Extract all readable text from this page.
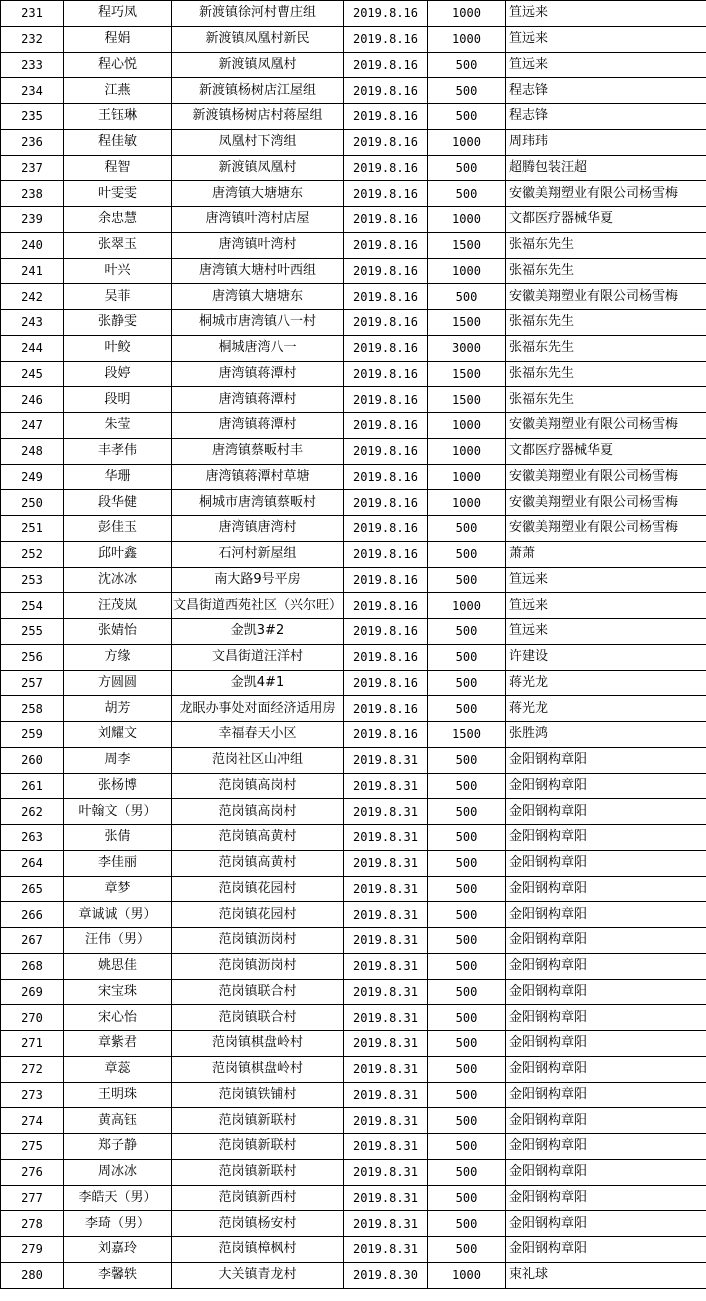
231	程巧凤	新渡镇徐河村曹庄组	2019.8.16	1000	笪远来
232	程娟	新渡镇凤凰村新民	2019.8.16	1000	笪远来
233	程心悦	新渡镇凤凰村	2019.8.16	500	笪远来
234	江燕	新渡镇杨树店江屋组	2019.8.16	500	程志锋
235	王钰琳	新渡镇杨树店村蒋屋组	2019.8.16	500	程志锋
236	程佳敏	凤凰村下湾组	2019.8.16	1000	周玮玮
237	程智	新渡镇凤凰村	2019.8.16	500	超腾包装汪超
238	叶雯雯	唐湾镇大塘塘东	2019.8.16	500	安徽美翔塑业有限公司杨雪梅
239	余忠慧	唐湾镇叶湾村店屋	2019.8.16	1000	文都医疗器械华夏
240	张翠玉	唐湾镇叶湾村	2019.8.16	1500	张福东先生
241	叶兴	唐湾镇大塘村叶西组	2019.8.16	1000	张福东先生
242	吴菲	唐湾镇大塘塘东	2019.8.16	500	安徽美翔塑业有限公司杨雪梅
243	张静雯	桐城市唐湾镇八一村	2019.8.16	1500	张福东先生
244	叶鲛	桐城唐湾八一	2019.8.16	3000	张福东先生
245	段婷	唐湾镇蒋潭村	2019.8.16	1500	张福东先生
246	段明	唐湾镇蒋潭村	2019.8.16	1500	张福东先生
247	朱莹	唐湾镇蒋潭村	2019.8.16	1000	安徽美翔塑业有限公司杨雪梅
248	丰孝伟	唐湾镇蔡畈村丰	2019.8.16	1000	文都医疗器械华夏
249	华珊	唐湾镇蒋潭村草塘	2019.8.16	1000	安徽美翔塑业有限公司杨雪梅
250	段华健	桐城市唐湾镇蔡畈村	2019.8.16	1000	安徽美翔塑业有限公司杨雪梅
251	彭佳玉	唐湾镇唐湾村	2019.8.16	500	安徽美翔塑业有限公司杨雪梅
252	邱叶鑫	石河村新屋组	2019.8.16	500	萧萧
253	沈冰冰	南大路9号平房	2019.8.16	500	笪远来
254	汪茂岚	文昌街道西苑社区（兴尔旺）	2019.8.16	1000	笪远来
255	张婧怡	金凯3#2	2019.8.16	500	笪远来
256	方缘	文昌街道汪洋村	2019.8.16	500	许建设
257	方圆圆	金凯4#1	2019.8.16	500	蒋光龙
258	胡芳	龙眠办事处对面经济适用房	2019.8.16	500	蒋光龙
259	刘耀文	幸福春天小区	2019.8.16	1500	张胜鸿
260	周李	范岗社区山冲组	2019.8.31	500	金阳钢构章阳
261	张杨博	范岗镇高岗村	2019.8.31	500	金阳钢构章阳
262	叶翰文（男）	范岗镇高岗村	2019.8.31	500	金阳钢构章阳
263	张倩	范岗镇高黄村	2019.8.31	500	金阳钢构章阳
264	李佳丽	范岗镇高黄村	2019.8.31	500	金阳钢构章阳
265	章梦	范岗镇花园村	2019.8.31	500	金阳钢构章阳
266	章诚诚（男）	范岗镇花园村	2019.8.31	500	金阳钢构章阳
267	汪伟（男）	范岗镇沥岗村	2019.8.31	500	金阳钢构章阳
268	姚思佳	范岗镇沥岗村	2019.8.31	500	金阳钢构章阳
269	宋宝珠	范岗镇联合村	2019.8.31	500	金阳钢构章阳
270	宋心怡	范岗镇联合村	2019.8.31	500	金阳钢构章阳
271	章紫君	范岗镇棋盘岭村	2019.8.31	500	金阳钢构章阳
272	章蕊	范岗镇棋盘岭村	2019.8.31	500	金阳钢构章阳
273	王明珠	范岗镇铁铺村	2019.8.31	500	金阳钢构章阳
274	黄高钰	范岗镇新联村	2019.8.31	500	金阳钢构章阳
275	郑子静	范岗镇新联村	2019.8.31	500	金阳钢构章阳
276	周冰冰	范岗镇新联村	2019.8.31	500	金阳钢构章阳
277	李皓天（男）	范岗镇新西村	2019.8.31	500	金阳钢构章阳
278	李琦（男）	范岗镇杨安村	2019.8.31	500	金阳钢构章阳
279	刘嘉玲	范岗镇樟枫村	2019.8.31	500	金阳钢构章阳
280	李馨轶	大关镇青龙村	2019.8.30	1000	束礼球
